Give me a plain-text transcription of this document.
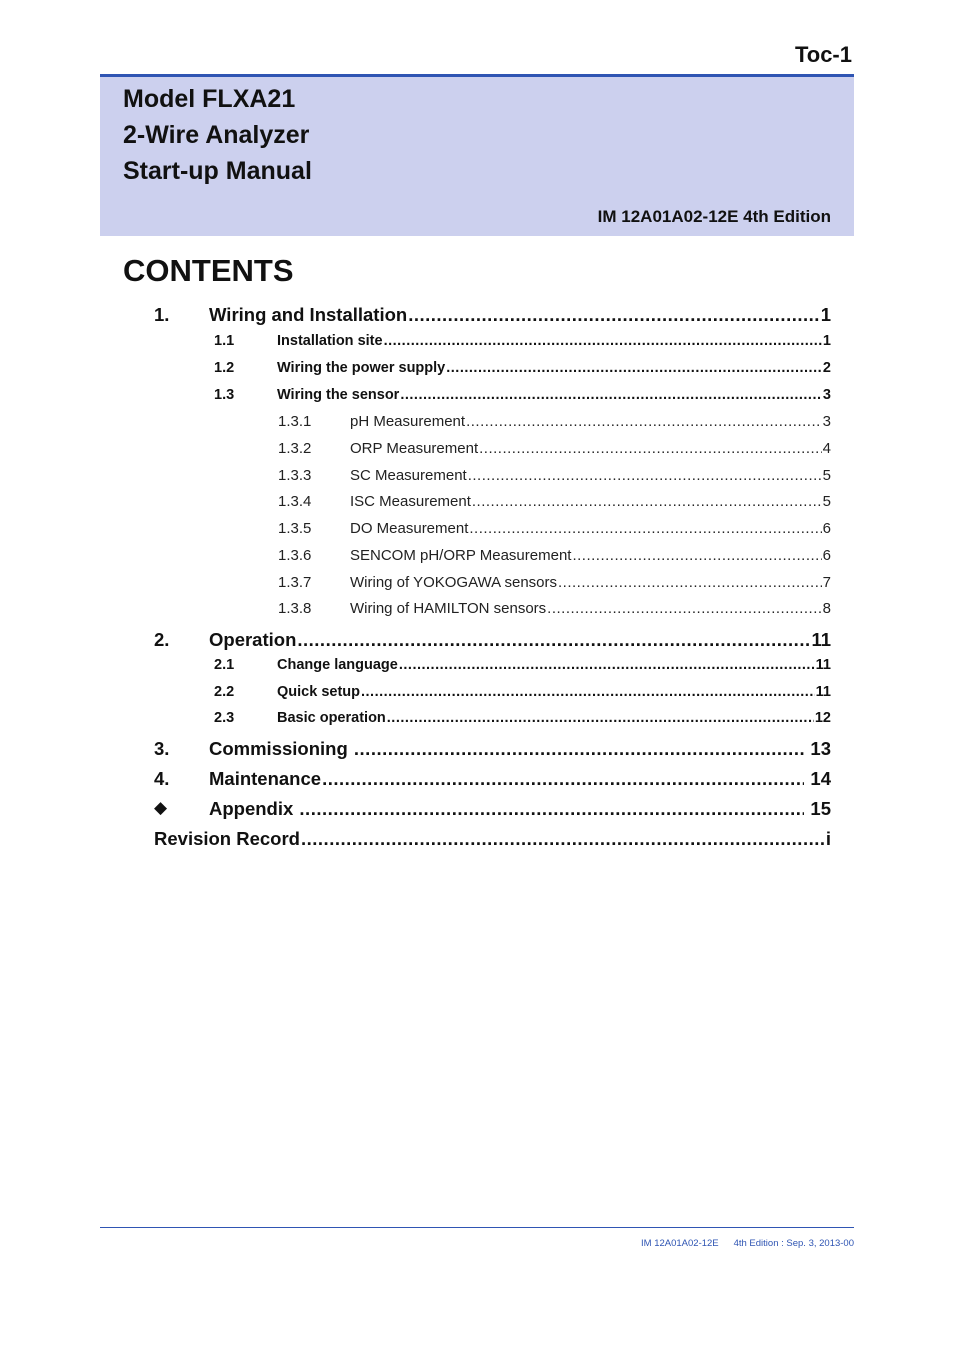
Toc-1
Model FLXA21
2-Wire Analyzer
Start-up Manual
IM 12A01A02-12E 4th Edition
CONTENTS
1. Wiring and Installation .....	1
1.1	Installation site .....	1
1.2	Wiring the power supply .....	2
1.3	Wiring the sensor .....	3
1.3.1	pH Measurement .....	3
1.3.2	ORP Measurement .....	4
1.3.3	SC Measurement .....	5
1.3.4	ISC Measurement .....	5
1.3.5	DO Measurement .....	6
1.3.6	SENCOM pH/ORP Measurement .....	6
1.3.7	Wiring of YOKOGAWA sensors .....	7
1.3.8	Wiring of HAMILTON sensors .....	8
2. Operation .....	11
2.1	Change language .....	11
2.2	Quick setup .....	11
2.3	Basic operation .....	12
3. Commissioning .....	13
4. Maintenance .....	14
◆ Appendix .....	15
Revision Record .....	i
IM 12A01A02-12E 4th Edition : Sep. 3, 2013-00
